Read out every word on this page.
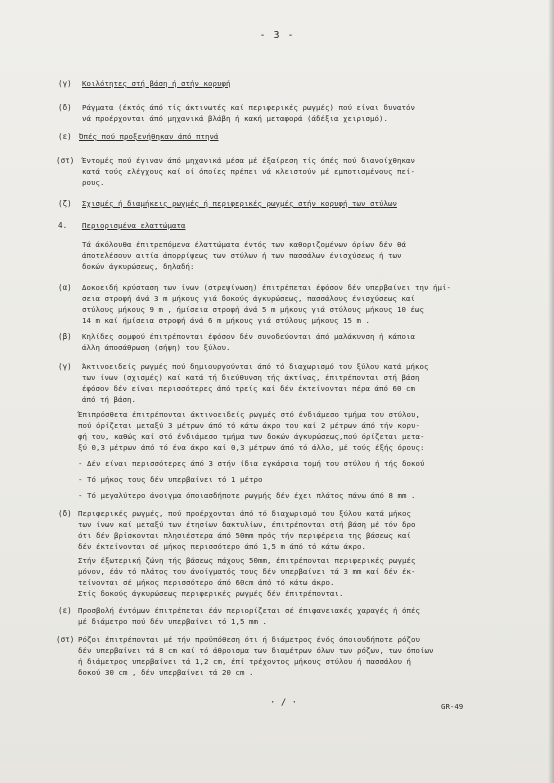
- 3 -
(γ) Κοιλότητες στή βάση ή στήν κορυφή
(δ) Ράγματα (έκτός άπό τίς άκτινωτές καί περιφερικές ρωγμές) πού είναι δυνατόν
νά προέρχονται άπό μηχανικά βλάβη ή κακή μεταφορά (άδέξια χειρισμό).
(ε) Όπές πού προξενήθηκαν άπό πτηνά
(στ) Έντομές πού έγιναν άπό μηχανικά μέσα μέ έξαίρεση τίς όπές πού διανοίχθηκαν
κατά τούς ελέγχους καί οί όποίες πρέπει νά κλειστούν μέ εμποτισμένους πεί-
ρους.
(ζ) Σχισμές ή διαμήκεις ρωγμές ή περιφερικές ρωγμές στήν κορυφή των στύλων
4. Περιορισμένα ελαττώματα
Τά άκόλουθα έπιτρεπόμενα έλαττώματα έντός των καθοριζομένων όρίων δέν θά
άποτελέσουν αιτία άπορρίψεως των στύλων ή των πασσάλων ένισχύσεως ή των
δοκών άγκυρώσεως, δηλαδή:
(α) Δοκοειδή κρύσταση των ίνων (στρεψίνωση) έπιτρέπεται έφόσον δέν υπερβαίνει την ήμί-
σεια στροφή άνά 3 m μήκους γιά δοκούς άγκυρώσεως, πασσάλους ένισχύσεως καί
στύλους μήκους 9 m , ήμίσεια στροφή άνά 5 m μήκους γιά στύλους μήκους 10 έως
14 m καί ήμίσεια στροφή άνά 6 m μήκους γιά στύλους μήκους 15 m .
(β) Κηλίδες σομφού έπιτρέπονται έφόσον δέν συνοδεύονται άπό μαλάκυνση ή κάποια
άλλη άποσάθρωση (σήψη) του ξύλου.
(γ) Άκτινοειδείς ρωγμές πού δημιουργούνται άπό τό διαχωρισμό του ξύλου κατά μήκος
των ίνων (σχισμές) καί κατά τή διεύθυνση τής άκτίνας, έπιτρέπονται στή βάση
έφόσον δέν είναι περισσότερες άπό τρείς καί δέν έκτείνονται πέρα άπό 60 cm
άπό τή βάση.
Έπιπρόσθετα έπιτρέπονται άκτινοειδείς ρωγμές στό ένδιάμεσο τμήμα του στύλου,
πού όρίζεται μεταξύ 3 μέτρων άπό τό κάτω άκρο του καί 2 μέτρων άπό τήν κορυ-
φή του, καθώς καί στό ένδιάμεσο τμήμα των δοκών άγκυρώσεως,πού όρίζεται μετα-
ξύ 0,3 μέτρων άπό τό ένα άκρο καί 0,3 μέτρων άπό τό άλλο, μέ τούς έξής όρους:
- Δέν είναι περισσότερες άπό 3 στήν ίδια εγκάρσια τομή του στύλου ή τής δοκού
- Τό μήκος τους δέν υπερβαίνει τό 1 μέτρο
- Τό μεγαλύτερο άνοιγμα όποιασδήποτε ρωγμής δέν έχει πλάτος πάνω άπό 8 mm .
(δ) Περιφερικές ρωγμές, πού προέρχονται άπό τό διαχωρισμό του ξύλου κατά μήκος
των ίνων καί μεταξύ των έτησίων δακτυλίων, έπιτρέπονται στή βάση μέ τόν δρο
ότι δέν βρίσκονται πλησιέστερα άπό 50mm πρός τήν περιφέρεια της βάσεως καί
δέν έκτείνονται σέ μήκος περισσότερο άπό 1,5 m άπό τό κάτω άκρο.
Στήν έξωτερική ζώνη τής βάσεως πάχους 50mm, έπιτρέπονται περιφερικές ρωγμές
μόνον, έάν τό πλάτος του άνοίγματός τους δέν υπερβαίνει τά 3 mm καί δέν έκ-
τείνονται σέ μήκος περισσότερο άπό 60cm άπό τό κάτω άκρο.
Στίς δοκούς άγκυρώσεως περιφερικές ρωγμές δέν έπιτρέπονται.
(ε) Προσβολή έντόμων έπιτρέπεται έάν περιορίζεται σέ έπιφανειακές χαραγές ή όπές
μέ διάμετρο πού δέν υπερβαίνει τό 1,5 mm .
(στ) Ρόζοι έπιτρέπονται μέ τήν προϋπόθεση ότι ή διάμετρος ένός όποιουδήποτε ρόζου
δέν υπερβαίνει τά 8 cm καί τό άθροισμα των διαμέτρων όλων των ρόζων, των όποίων
ή διάμετρος υπερβαίνει τά 1,2 cm, έπί τρέχοντος μήκους στύλου ή πασσάλου ή
δοκού 30 cm , δέν υπερβαίνει τά 20 cm .
· / ·	GR-49
